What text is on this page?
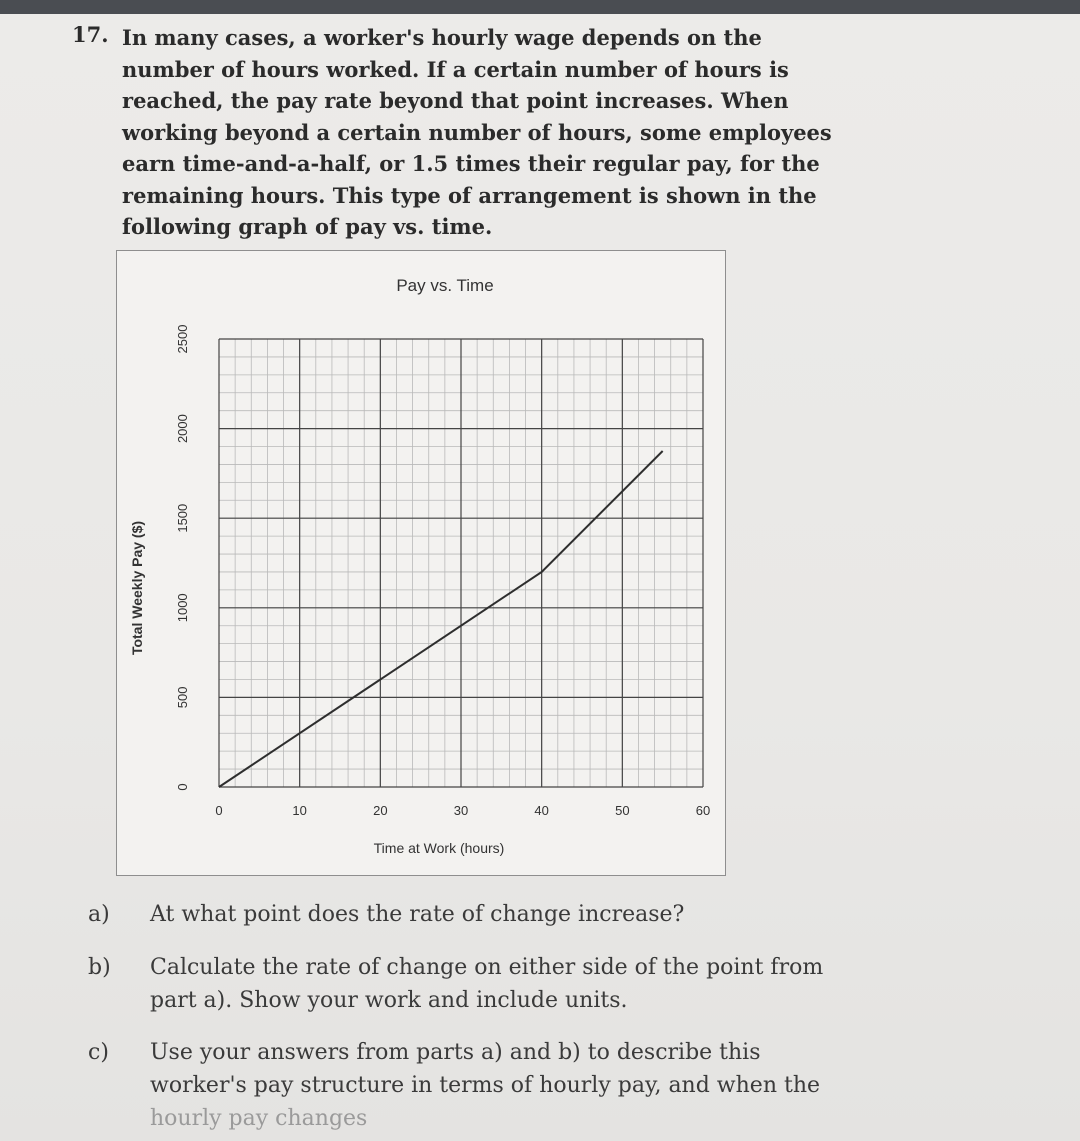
17. In many cases, a worker's hourly wage depends on the
number of hours worked. If a certain number of hours is
reached, the pay rate beyond that point increases. When
working beyond a certain number of hours, some employees
earn time-and-a-half, or 1.5 times their regular pay, for the
remaining hours. This type of arrangement is shown in the
following graph of pay vs. time.

Pay vs. Time
Time at Work (hours)
Total Weekly Pay ($)
0	10	20	30	40	50	60
0
500
1000
1500
2000
2500
a)	At what point does the rate of change increase?
b)	Calculate the rate of change on either side of the point from
part a). Show your work and include units.
c)	Use your answers from parts a) and b) to describe this
worker's pay structure in terms of hourly pay, and when the
hourly pay changes
